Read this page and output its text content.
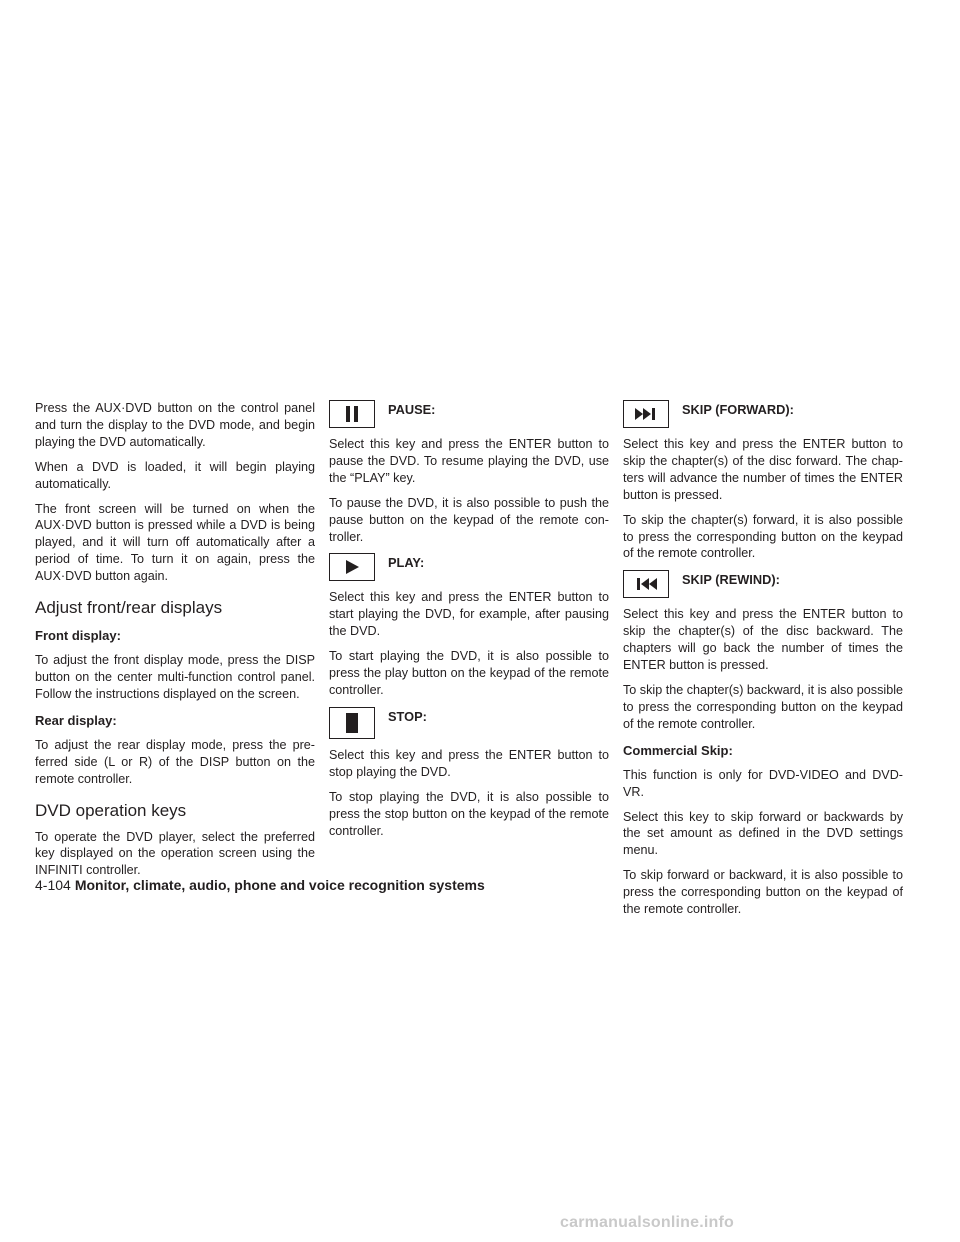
Press the AUX·DVD button on the control panel and turn the display to the DVD mode, and begin playing the DVD automatically.

When a DVD is loaded, it will begin playing automatically.

The front screen will be turned on when the AUX·DVD button is pressed while a DVD is being played, and it will turn off automatically after a period of time. To turn it on again, press the AUX·DVD button again.

Adjust front/rear displays
Front display:

To adjust the front display mode, press the DISP button on the center multi-function control panel. Follow the instructions displayed on the screen.

Rear display:

To adjust the rear display mode, press the preferred side (L or R) of the DISP button on the remote controller.

DVD operation keys

To operate the DVD player, select the preferred key displayed on the operation screen using the INFINITI controller.

PAUSE:

Select this key and press the ENTER button to pause the DVD. To resume playing the DVD, use the “PLAY” key.

To pause the DVD, it is also possible to push the pause button on the keypad of the remote controller.

PLAY:

Select this key and press the ENTER button to start playing the DVD, for example, after pausing the DVD.

To start playing the DVD, it is also possible to press the play button on the keypad of the remote controller.

STOP:

Select this key and press the ENTER button to stop playing the DVD.

To stop playing the DVD, it is also possible to press the stop button on the keypad of the remote controller.

SKIP (FORWARD):

Select this key and press the ENTER button to skip the chapter(s) of the disc forward. The chapters will advance the number of times the ENTER button is pressed.

To skip the chapter(s) forward, it is also possible to press the corresponding button on the keypad of the remote controller.

SKIP (REWIND):

Select this key and press the ENTER button to skip the chapter(s) of the disc backward. The chapters will go back the number of times the ENTER button is pressed.

To skip the chapter(s) backward, it is also possible to press the corresponding button on the keypad of the remote controller.

Commercial Skip:

This function is only for DVD-VIDEO and DVD-VR.

Select this key to skip forward or backwards by the set amount as defined in the DVD settings menu.

To skip forward or backward, it is also possible to press the corresponding button on the keypad of the remote controller.

4-104 Monitor, climate, audio, phone and voice recognition systems
carmanualsonline.info
